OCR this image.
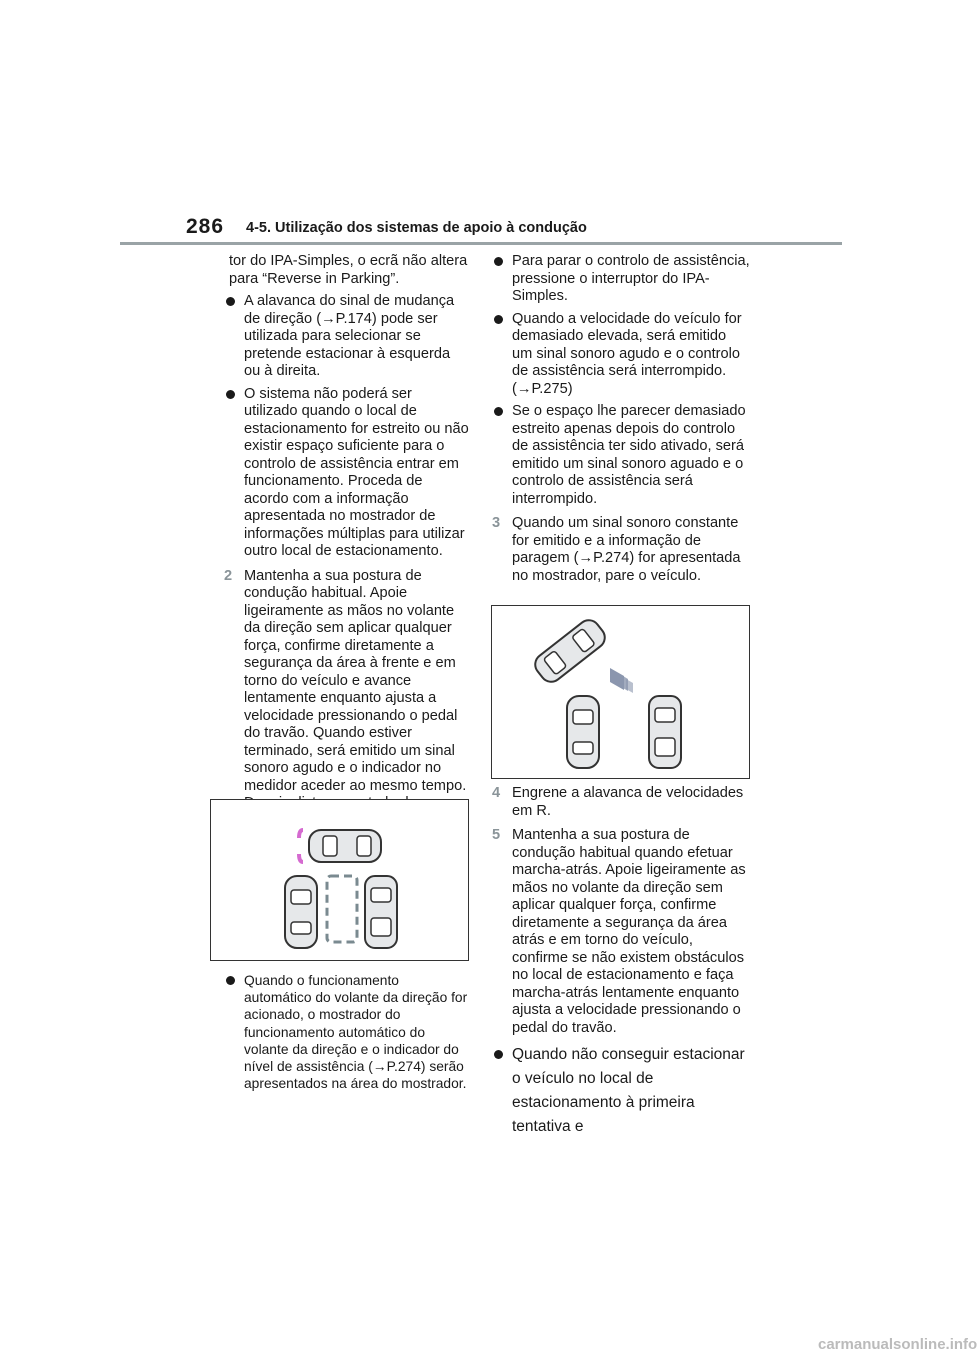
286 4-5. Utilização dos sistemas de apoio à condução

tor do IPA-Simples, o ecrã não altera para “Reverse in Parking”.

A alavanca do sinal de mudança de direção (→P.174) pode ser utilizada para selecionar se pretende estacionar à esquerda ou à direita.

O sistema não poderá ser utilizado quando o local de estacionamento for estreito ou não existir espaço suficiente para o controlo de assistência entrar em funcionamento. Proceda de acordo com a informação apresentada no mostrador de informações múltiplas para utilizar outro local de estacionamento.

2 Mantenha a sua postura de condução habitual. Apoie ligeiramente as mãos no volante da direção sem aplicar qualquer força, confirme diretamente a segurança da área à frente e em torno do veículo e avance lentamente enquanto ajusta a velocidade pressionando o pedal do travão. Quando estiver terminado, será emitido um sinal sonoro agudo e o indicador no medidor aceder ao mesmo tempo.

Quando o funcionamento automático do volante da direção for acionado, o mostrador do funcionamento automático do volante da direção e o indicador do nível de assistência (→P.274) serão apresentados na área do mostrador.

Para parar o controlo de assistência, pressione o interruptor do IPA-Simples.

Quando a velocidade do veículo for demasiado elevada, será emitido um sinal sonoro agudo e o controlo de assistência será interrompido. (→P.275)

Se o espaço lhe parecer demasiado estreito apenas depois do controlo de assistência ter sido ativado, será emitido um sinal sonoro aguado e o controlo de assistência será interrompido.

3 Quando um sinal sonoro constante for emitido e a informação de paragem (→P.274) for apresentada no mostrador, pare o veículo.

4 Engrene a alavanca de velocidades em R.

5 Mantenha a sua postura de condução habitual quando efetuar marcha-atrás. Apoie ligeiramente as mãos no volante da direção sem aplicar qualquer força, confirme diretamente a segurança da área atrás e em torno do veículo, confirme se não existem obstáculos no local de estacionamento e faça marcha-atrás lentamente enquanto ajusta a velocidade pressionando o pedal do travão.

Quando não conseguir estacionar o veículo no local de estacionamento à primeira tentativa e

carmanualsonline.info
